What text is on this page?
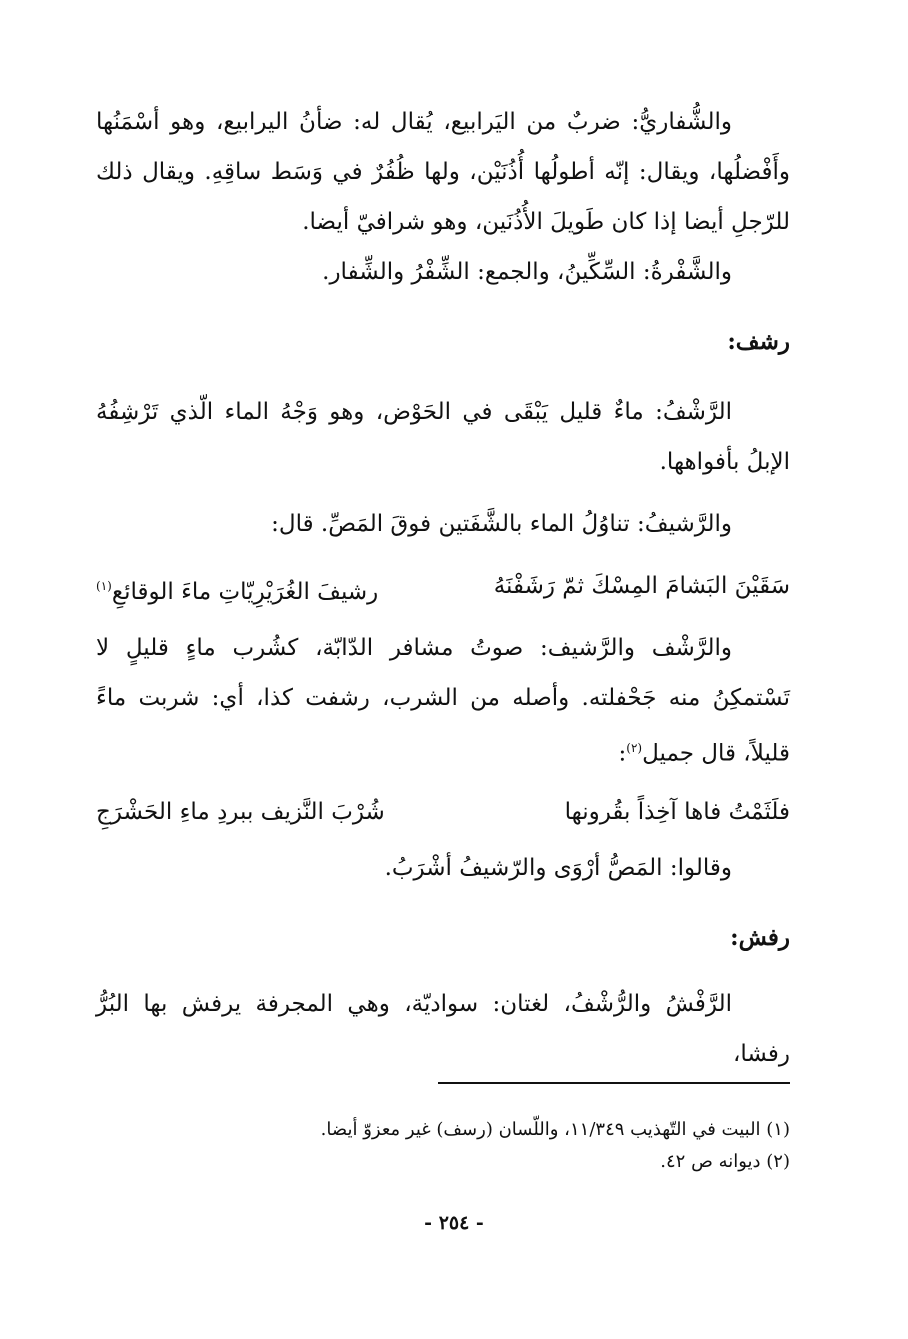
والشُّفاريُّ: ضربٌ من اليَرابيع، يُقال له: ضأنُ اليرابيع، وهو أسْمَنُها وأَفْضلُها، ويقال: إنّه أطولُها أُذُنَيْن، ولها ظُفُرٌ في وَسَط ساقِهِ. ويقال ذلك للرّجلِ أيضا إذا كان طَويلَ الأُذُنَين، وهو شرافيّ أيضا.

والشَّفْرةُ: السِّكِّينُ، والجمع: الشِّفْرُ والشِّفار.

رشف:

الرَّشْفُ: ماءٌ قليل يَبْقَى في الحَوْض، وهو وَجْهُ الماء الّذي تَرْشِفُهُ الإبلُ بأفواهها.

والرَّشيفُ: تناوُلُ الماء بالشَّفَتين فوقَ المَصِّ. قال:

سَقَيْنَ البَشامَ المِسْكَ ثمّ رَشَفْنَهُ
رشيفَ الغُرَيْرِيّاتِ ماءَ الوقائعِ$^{(١)}$

والرَّشْف والرَّشيف: صوتُ مشافر الدّابّة، كشُرب ماءٍ قليلٍ لا تَسْتمكِنُ منه جَحْفلته. وأصله من الشرب، رشفت كذا، أي: شربت ماءً قليلاً، قال جميل$^{(٢)}$:

فلَثَمْتُ فاها آخِذاً بقُرونها
شُرْبَ النَّزيف ببردِ ماءِ الحَشْرَجِ

وقالوا: المَصُّ أرْوَى والرّشيفُ أشْرَبُ.

رفش:

الرَّفْشُ والرُّشْفُ، لغتان: سواديّة، وهي المجرفة يرفش بها البُرُّ رفشا،

(١) البيت في التّهذيب ١١/٣٤٩، واللّسان (رسف) غير معزوّ أيضا.

(٢) ديوانه ص ٤٢.

- ٢٥٤ -
